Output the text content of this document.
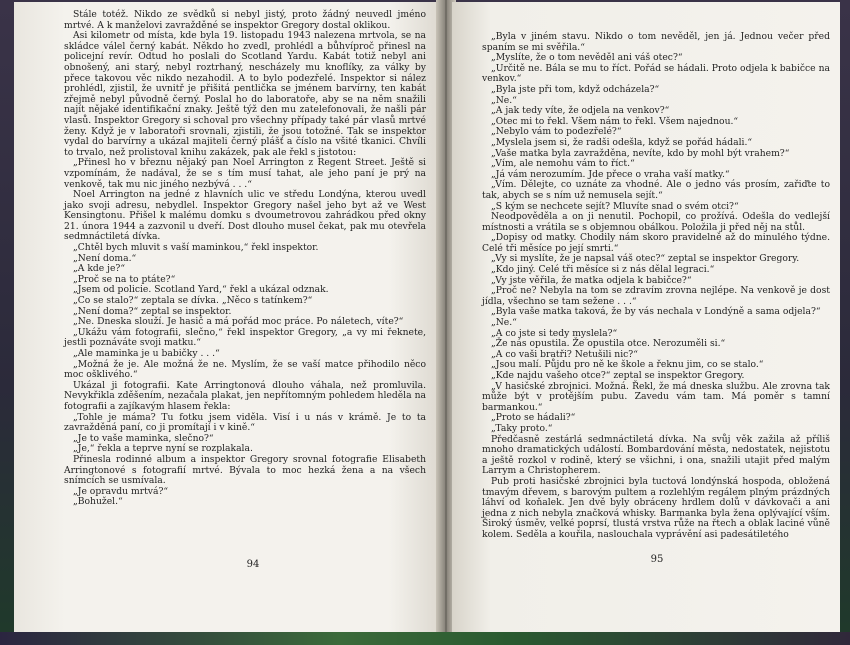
Stále totéž. Nikdo ze svědků si nebyl jistý, proto žádný neuvedl jméno mrtvé. A k manželovi zavražděné se inspektor Gregory dostal oklikou.

Asi kilometr od místa, kde byla 19. listopadu 1943 nalezena mrtvola, se na skládce válel černý kabát. Někdo ho zvedl, prohlédl a bůhvíproč přinesl na policejní revír. Odtud ho poslali do Scotland Yardu. Kabát totiž nebyl ani obnošený, ani starý, nebyl roztrhaný, nescházely mu knoflíky, za války by přece takovou věc nikdo nezahodil. A to bylo podezřelé. Inspektor si nález prohlédl, zjistil, že uvnitř je přišitá pentlička se jménem barvírny, ten kabát zřejmě nebyl původně černý. Poslal ho do laboratoře, aby se na něm snažili najít nějaké identifikační znaky. Ještě týž den mu zatelefonovali, že našli pár vlasů. Inspektor Gregory si schoval pro všechny případy také pár vlasů mrtvé ženy. Když je v laboratoři srovnali, zjistili, že jsou totožné. Tak se inspektor vydal do barvírny a ukázal majiteli černý plášť a číslo na všité tkanici. Chvíli to trvalo, než prolistoval knihu zakázek, pak ale řekl s jistotou:

„Přinesl ho v březnu nějaký pan Noel Arrington z Regent Street. Ještě si vzpomínám, že nadával, že se s tím musí tahat, ale jeho paní je prý na venkově, tak mu nic jiného nezbývá . . .“

Noel Arrington na jedné z hlavních ulic ve středu Londýna, kterou uvedl jako svoji adresu, nebydlel. Inspektor Gregory našel jeho byt až ve West Kensingtonu. Přišel k malému domku s dvoumetrovou zahrádkou před okny 21. února 1944 a zazvonil u dveří. Dost dlouho musel čekat, pak mu otevřela sedmnáctiletá dívka.

„Chtěl bych mluvit s vaší maminkou,“ řekl inspektor.

„Není doma.“

„A kde je?“

„Proč se na to ptáte?“

„Jsem od policie. Scotland Yard,“ řekl a ukázal odznak.

„Co se stalo?“ zeptala se dívka. „Něco s tatínkem?“

„Není doma?“ zeptal se inspektor.

„Ne. Dneska slouží. Je hasič a má pořád moc práce. Po náletech, víte?“

„Ukážu vám fotografii, slečno,“ řekl inspektor Gregory, „a vy mi řeknete, jestli poznáváte svoji matku.“

„Ale maminka je u babičky . . .“

„Možná že je. Ale možná že ne. Myslím, že se vaší matce přihodilo něco moc ošklivého.“

Ukázal ji fotografii. Kate Arringtonová dlouho váhala, než promluvila. Nevykřikla zděšením, nezačala plakat, jen nepřítomným pohledem hleděla na fotografii a zajíkavým hlasem řekla:

„Tohle je máma? Tu fotku jsem viděla. Visí i u nás v krámě. Je to ta zavražděná paní, co ji promítají i v kině.“

„Je to vaše maminka, slečno?“

„Je,“ řekla a teprve nyní se rozplakala.

Přinesla rodinné album a inspektor Gregory srovnal fotografie Elisabeth Arringtonové s fotografií mrtvé. Bývala to moc hezká žena a na všech snímcích se usmívala.

„Je opravdu mrtvá?“

„Bohužel.“

94

„Byla v jiném stavu. Nikdo o tom nevěděl, jen já. Jednou večer před spaním se mi svěřila.“

„Myslíte, že o tom nevěděl ani váš otec?“

„Určitě ne. Bála se mu to říct. Pořád se hádali. Proto odjela k babičce na venkov.“

„Byla jste při tom, když odcházela?“

„Ne.“

„A jak tedy víte, že odjela na venkov?“

„Otec mi to řekl. Všem nám to řekl. Všem najednou.“

„Nebylo vám to podezřelé?“

„Myslela jsem si, že radši odešla, když se pořád hádali.“

„Vaše matka byla zavražděna, nevíte, kdo by mohl být vrahem?“

„Vím, ale nemohu vám to říct.“

„Já vám nerozumím. Jde přece o vraha vaší matky.“

„Vím. Dělejte, co uznáte za vhodné. Ale o jedno vás prosím, zařiďte to tak, abych se s ním už nemusela sejít.“

„S kým se nechcete sejít? Mluvíte snad o svém otci?“

Neodpověděla a on ji nenutil. Pochopil, co prožívá. Odešla do vedlejší místnosti a vrátila se s objemnou obálkou. Položila ji před něj na stůl.

„Dopisy od matky. Chodily nám skoro pravidelně až do minulého týdne. Celé tři měsíce po její smrti.“

„Vy si myslíte, že je napsal váš otec?“ zeptal se inspektor Gregory.

„Kdo jiný. Celé tři měsíce si z nás dělal legraci.“

„Vy jste věřila, že matka odjela k babičce?“

„Proč ne? Nebyla na tom se zdravím zrovna nejlépe. Na venkově je dost jídla, všechno se tam sežene . . .“

„Byla vaše matka taková, že by vás nechala v Londýně a sama odjela?“

„Ne.“

„A co jste si tedy myslela?“

„Že nás opustila. Že opustila otce. Nerozuměli si.“

„A co vaši bratři? Netušili nic?“

„Jsou malí. Půjdu pro ně ke škole a řeknu jim, co se stalo.“

„Kde najdu vašeho otce?“ zeptal se inspektor Gregory.

„V hasičské zbrojnici. Možná. Řekl, že má dneska službu. Ale zrovna tak může být v protějším pubu. Zavedu vám tam. Má poměr s tamní barmankou.“

„Proto se hádali?“

„Taky proto.“

Předčasně zestárlá sedmnáctiletá dívka. Na svůj věk zažila až příliš mnoho dramatických událostí. Bombardování města, nedostatek, nejistotu a ještě rozkol v rodině, který se všichni, i ona, snažili utajit před malým Larrym a Christopherem.

Pub proti hasičské zbrojnici byla tuctová londýnská hospoda, obložená tmavým dřevem, s barovým pultem a rozlehlým regálem plným prázdných láhví od koňalek. Jen dvě byly obráceny hrdlem dolů v dávkovači a ani jedna z nich nebyla značková whisky. Barmanka byla žena oplývající vším. Široký úsměv, velké poprsí, tlustá vrstva růže na řtech a oblak laciné vůně kolem. Seděla a kouřila, naslouchala vyprávění asi padesátiletého

95
